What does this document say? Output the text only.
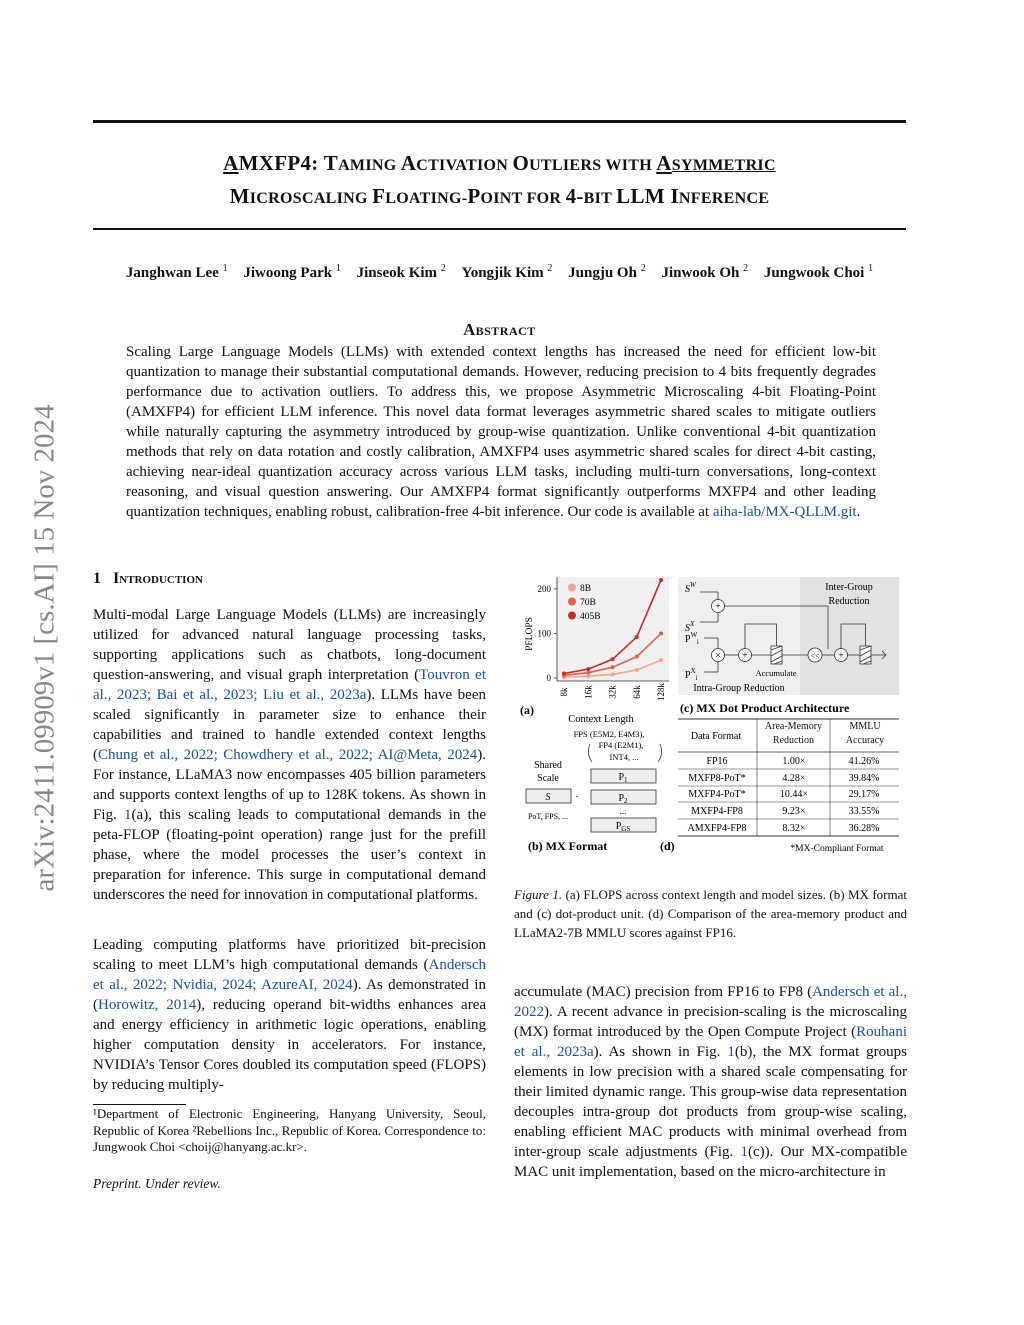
arXiv:2411.09909v1 [cs.AI] 15 Nov 2024
AMXFP4: TAMING ACTIVATION OUTLIERS WITH ASYMMETRIC
MICROSCALING FLOATING-POINT FOR 4-BIT LLM INFERENCE
Janghwan Lee $^1$ Jiwoong Park $^1$ Jinseok Kim $^2$ Yongjik Kim $^2$ Jungju Oh $^2$ Jinwook Oh $^2$ Jungwook Choi $^1$
Abstract
Scaling Large Language Models (LLMs) with extended context lengths has increased the need for efficient low-bit quantization to manage their substantial computational demands. However, reducing precision to 4 bits frequently degrades performance due to activation outliers. To address this, we propose Asymmetric Microscaling 4-bit Floating-Point (AMXFP4) for efficient LLM inference. This novel data format leverages asymmetric shared scales to mitigate outliers while naturally capturing the asymmetry introduced by group-wise quantization. Unlike conventional 4-bit quantization methods that rely on data rotation and costly calibration, AMXFP4 uses asymmetric shared scales for direct 4-bit casting, achieving near-ideal quantization accuracy across various LLM tasks, including multi-turn conversations, long-context reasoning, and visual question answering. Our AMXFP4 format significantly outperforms MXFP4 and other leading quantization techniques, enabling robust, calibration-free 4-bit inference. Our code is available at aiha-lab/MX-QLLM.git.
1 Introduction
Multi-modal Large Language Models (LLMs) are increasingly utilized for advanced natural language processing tasks, supporting applications such as chatbots, long-document question-answering, and visual graph interpretation (Touvron et al., 2023; Bai et al., 2023; Liu et al., 2023a). LLMs have been scaled significantly in parameter size to enhance their capabilities and trained to handle extended context lengths (Chung et al., 2022; Chowdhery et al., 2022; AI@Meta, 2024). For instance, LLaMA3 now encompasses 405 billion parameters and supports context lengths of up to 128K tokens. As shown in Fig. 1(a), this scaling leads to computational demands in the peta-FLOP (floating-point operation) range just for the prefill phase, where the model processes the user’s context in preparation for inference. This surge in computational demand underscores the need for innovation in computational platforms.
Leading computing platforms have prioritized bit-precision scaling to meet LLM’s high computational demands (Andersch et al., 2022; Nvidia, 2024; AzureAI, 2024). As demonstrated in (Horowitz, 2014), reducing operand bit-widths enhances area and energy efficiency in arithmetic logic operations, enabling higher computation density in accelerators. For instance, NVIDIA’s Tensor Cores doubled its computation speed (FLOPS) by reducing multiply-
¹Department of Electronic Engineering, Hanyang University, Seoul, Republic of Korea ²Rebellions Inc., Republic of Korea. Correspondence to: Jungwook Choi <choij@hanyang.ac.kr>.
Preprint. Under review.
accumulate (MAC) precision from FP16 to FP8 (Andersch et al., 2022). A recent advance in precision-scaling is the microscaling (MX) format introduced by the Open Compute Project (Rouhani et al., 2023a). As shown in Fig. 1(b), the MX format groups elements in low precision with a shared scale compensating for their limited dynamic range. This group-wise data representation decouples intra-group dot products from group-wise scaling, enabling efficient MAC products with minimal overhead from inter-group scale adjustments (Fig. 1(c)). Our MX-compatible MAC unit implementation, based on the micro-architecture in
Figure 1. (a) FLOPS across context length and model sizes. (b) MX format and (c) dot-product unit. (d) Comparison of the area-memory product and LLaMA2-7B MMLU scores against FP16.
PFLOPS
Context Length
(a)
0
100
200
8k 16k 32k 64k 128k
8B
70B
405B
FPS (E5M2, E4M3),
FP4 (E2M1),
INT4, ...
Shared
Scale
S ·
PoT, FPS, ...
$P_1$
$P_2$
...
$P_{GS}$
(b) MX Format	(d)
Inter-Group
Reduction
$S^W$
$S^X$
$P^W_i$
$P^X_i$
+
× +
Accumulate
Intra-Group Reduction
<< +
(c) MX Dot Product Architecture
Data Format
Area-Memory Reduction
MMLU Accuracy
FP16	1.00×	41.26%
MXFP8-PoT*	4.28×	39.84%
MXFP4-PoT*	10.44×	29.17%
MXFP4-FP8	9.23×	33.55%
AMXFP4-FP8	8.32×	36.28%
*MX-Compliant Format
